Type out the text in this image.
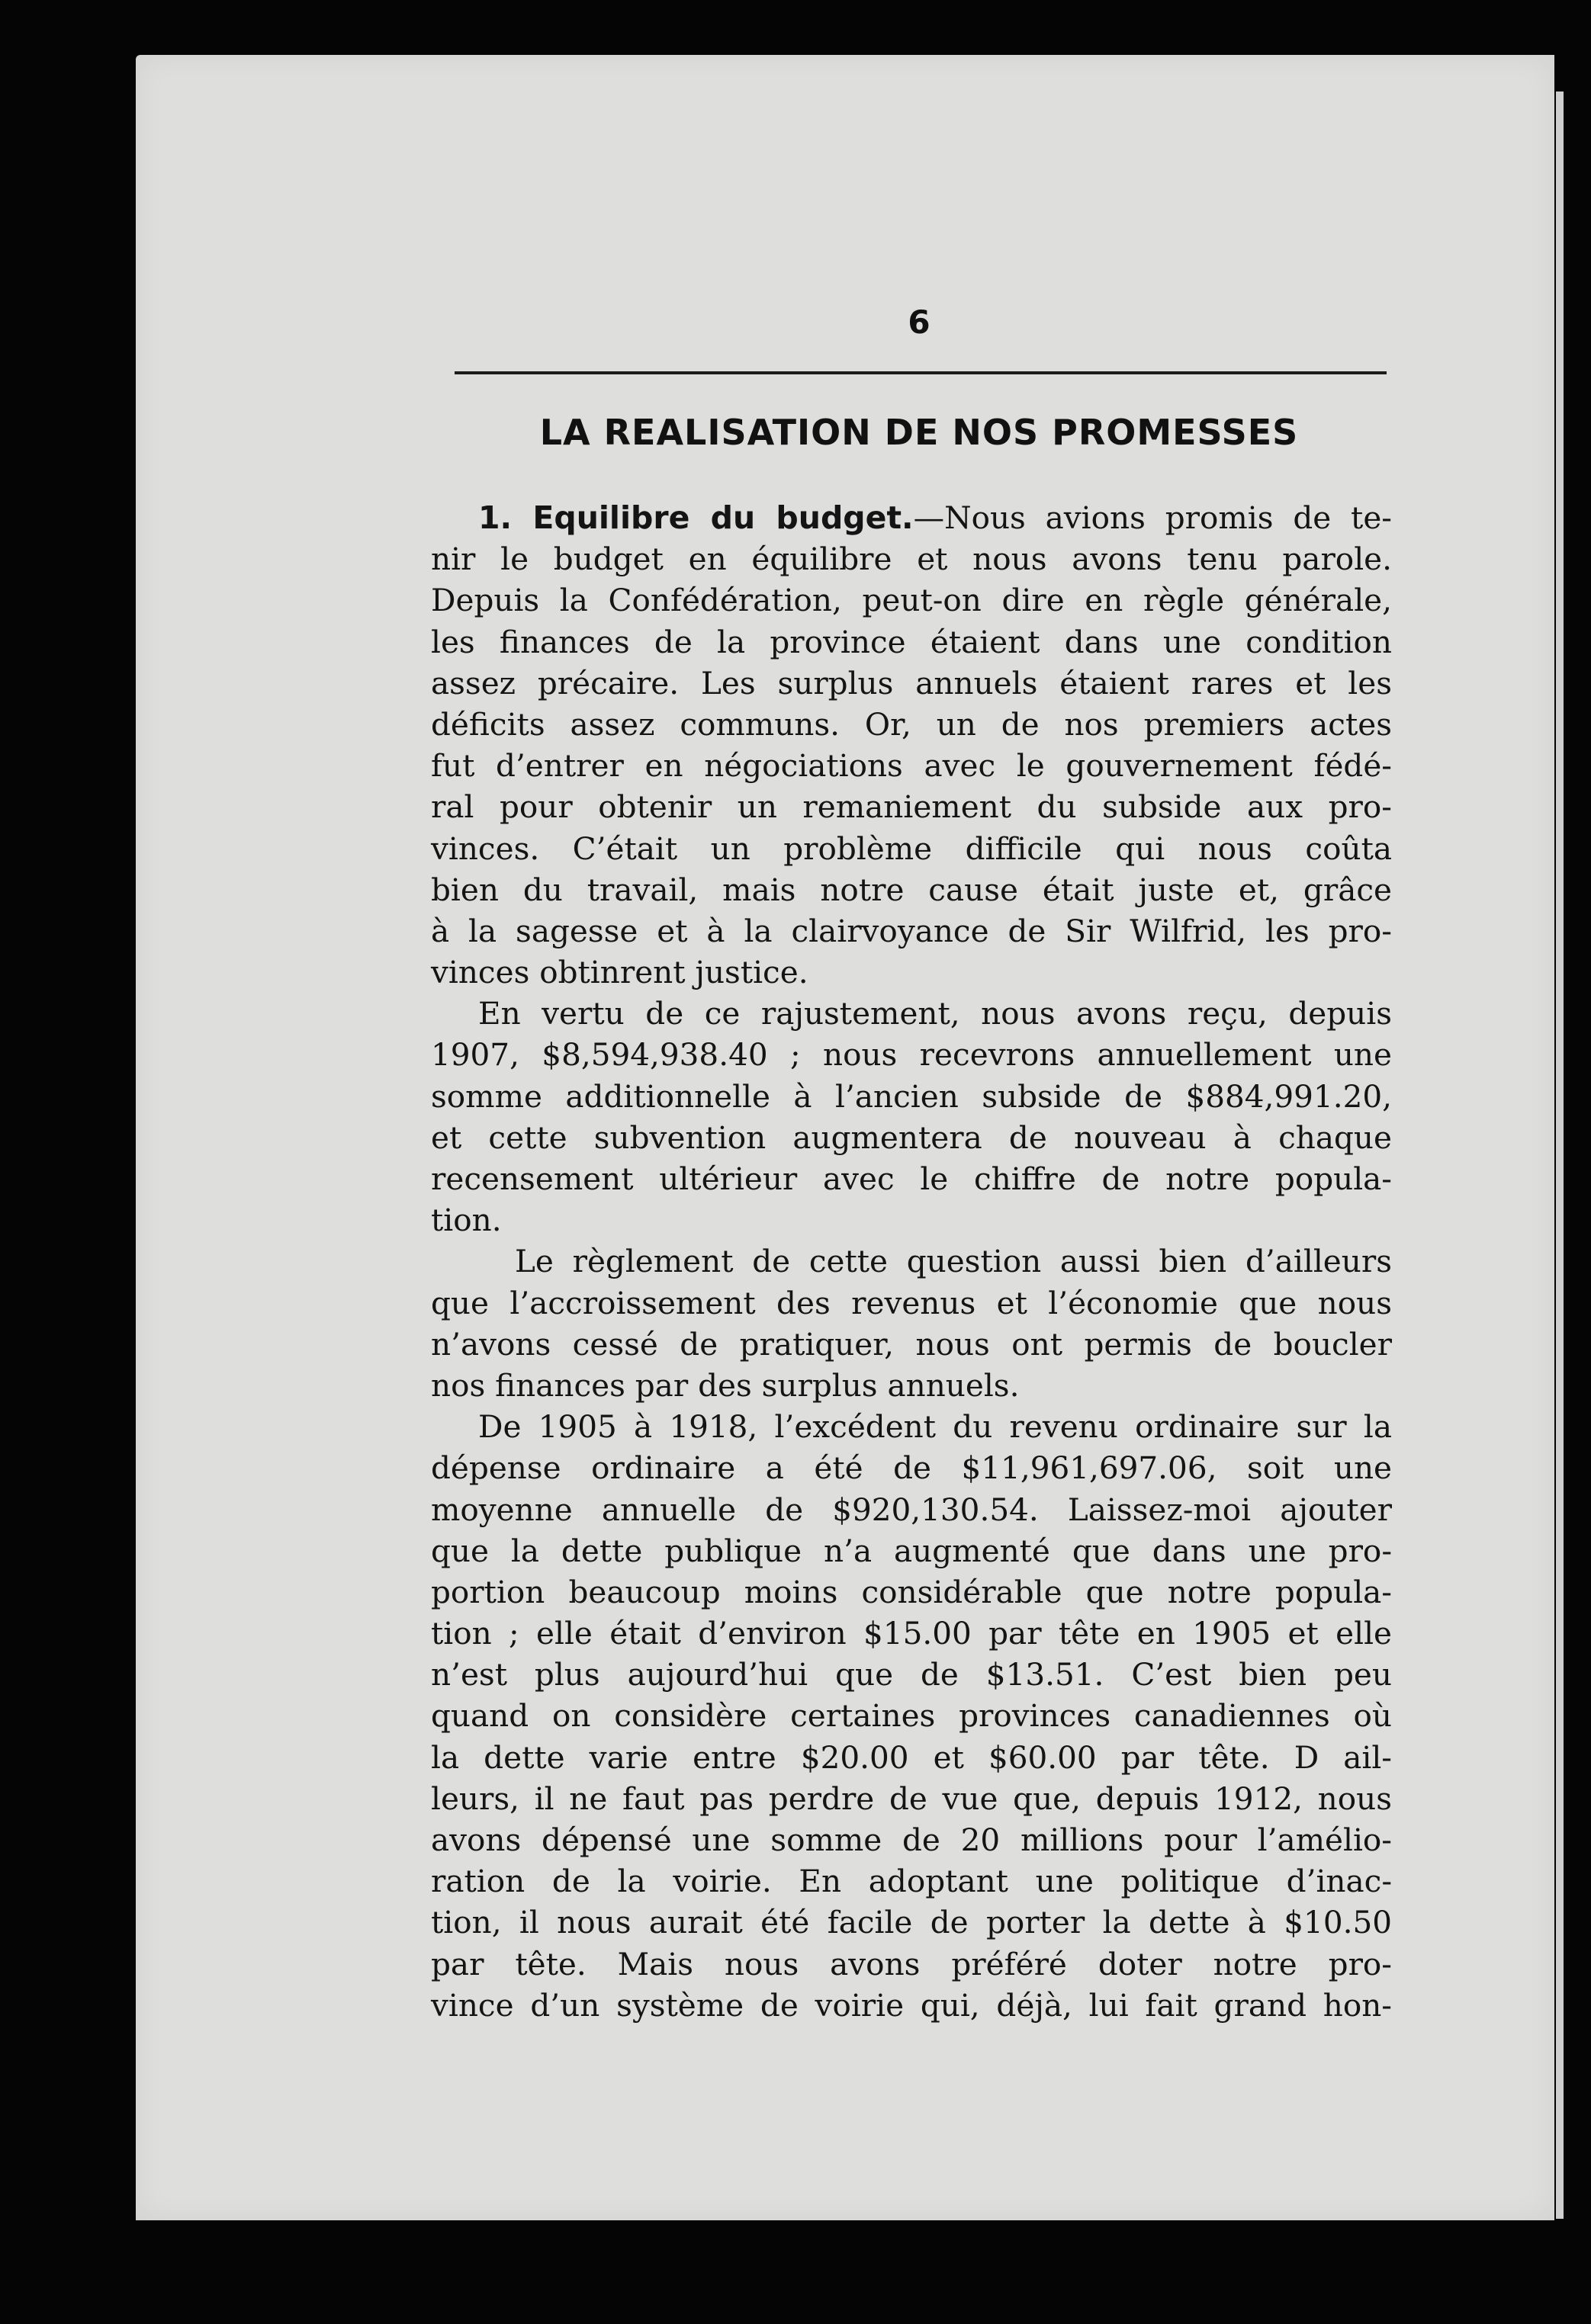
6
LA REALISATION DE NOS PROMESSES
1. Equilibre du budget.—Nous avions promis de te-
nir le budget en équilibre et nous avons tenu parole.
Depuis la Confédération, peut-on dire en règle générale,
les finances de la province étaient dans une condition
assez précaire. Les surplus annuels étaient rares et les
déficits assez communs. Or, un de nos premiers actes
fut d’entrer en négociations avec le gouvernement fédé-
ral pour obtenir un remaniement du subside aux pro-
vinces. C’était un problème difficile qui nous coûta
bien du travail, mais notre cause était juste et, grâce
à la sagesse et à la clairvoyance de Sir Wilfrid, les pro-
vinces obtinrent justice.
En vertu de ce rajustement, nous avons reçu, depuis
1907, $8,594,938.40 ; nous recevrons annuellement une
somme additionnelle à l’ancien subside de $884,991.20,
et cette subvention augmentera de nouveau à chaque
recensement ultérieur avec le chiffre de notre popula-
tion.
Le règlement de cette question aussi bien d’ailleurs
que l’accroissement des revenus et l’économie que nous
n’avons cessé de pratiquer, nous ont permis de boucler
nos finances par des surplus annuels.
De 1905 à 1918, l’excédent du revenu ordinaire sur la
dépense ordinaire a été de $11,961,697.06, soit une
moyenne annuelle de $920,130.54. Laissez-moi ajouter
que la dette publique n’a augmenté que dans une pro-
portion beaucoup moins considérable que notre popula-
tion ; elle était d’environ $15.00 par tête en 1905 et elle
n’est plus aujourd’hui que de $13.51. C’est bien peu
quand on considère certaines provinces canadiennes où
la dette varie entre $20.00 et $60.00 par tête. D ail-
leurs, il ne faut pas perdre de vue que, depuis 1912, nous
avons dépensé une somme de 20 millions pour l’amélio-
ration de la voirie. En adoptant une politique d’inac-
tion, il nous aurait été facile de porter la dette à $10.50
par tête. Mais nous avons préféré doter notre pro-
vince d’un système de voirie qui, déjà, lui fait grand hon-
